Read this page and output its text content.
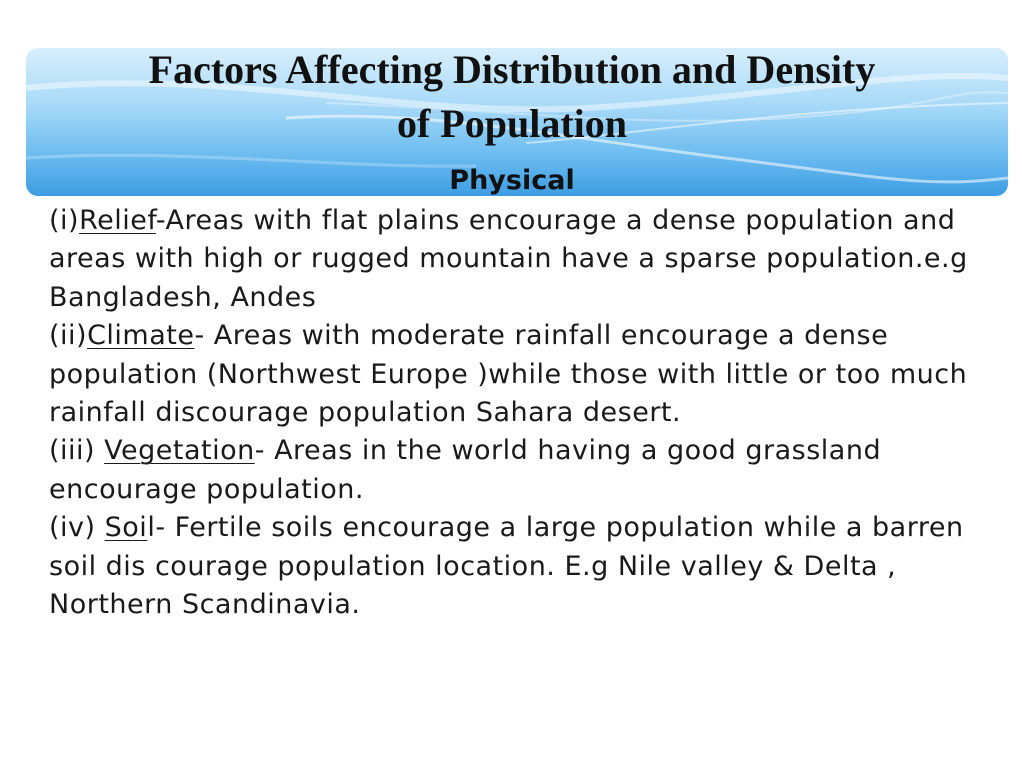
Factors Affecting Distribution and Density
of Population
Physical

(i)Relief-Areas with flat plains encourage a dense population and areas with high or rugged mountain have a sparse population.e.g Bangladesh, Andes

(ii)Climate- Areas with moderate rainfall encourage a dense population (Northwest Europe )while those with little or too much rainfall discourage population Sahara desert.

(iii) Vegetation- Areas in the world having a good grassland encourage population.

(iv) Soil- Fertile soils encourage a large population while a barren soil dis courage population location. E.g Nile valley & Delta , Northern Scandinavia.
